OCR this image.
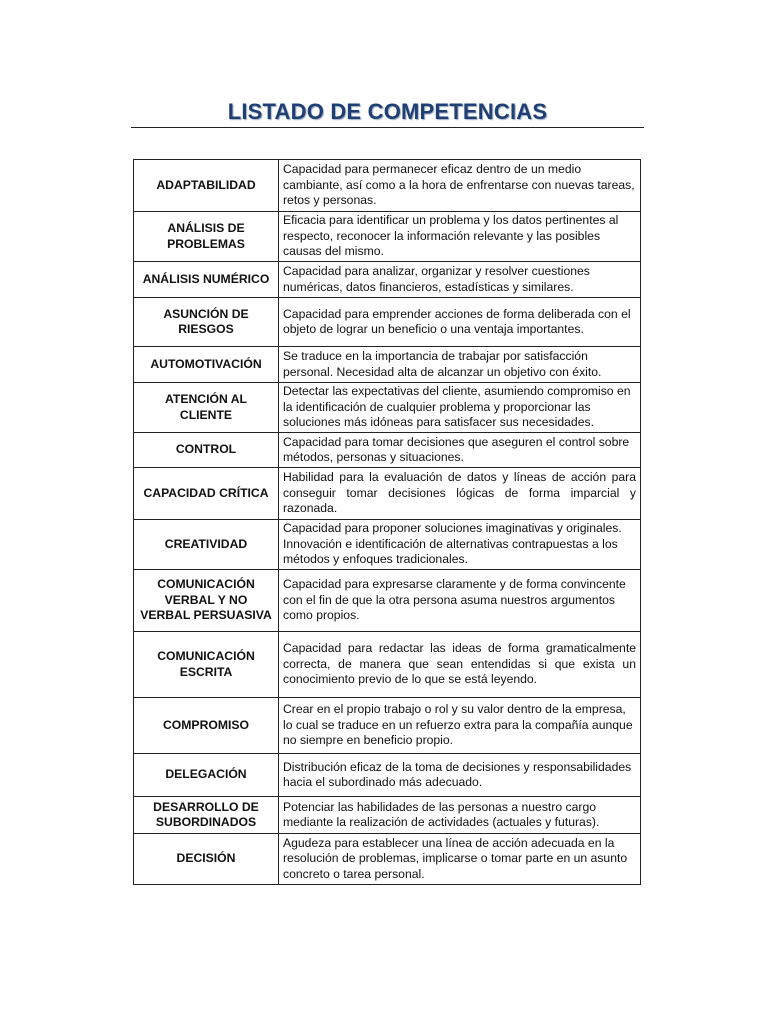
LISTADO DE COMPETENCIAS
ADAPTABILIDAD	Capacidad para permanecer eficaz dentro de un medio cambiante, así como a la hora de enfrentarse con nuevas tareas, retos y personas.
ANÁLISIS DE PROBLEMAS	Eficacia para identificar un problema y los datos pertinentes al respecto, reconocer la información relevante y las posibles causas del mismo.
ANÁLISIS NUMÉRICO	Capacidad para analizar, organizar y resolver cuestiones numéricas, datos financieros, estadísticas y similares.
ASUNCIÓN DE RIESGOS	Capacidad para emprender acciones de forma deliberada con el objeto de lograr un beneficio o una ventaja importantes.
AUTOMOTIVACIÓN	Se traduce en la importancia de trabajar por satisfacción personal. Necesidad alta de alcanzar un objetivo con éxito.
ATENCIÓN AL CLIENTE	Detectar las expectativas del cliente, asumiendo compromiso en la identificación de cualquier problema y proporcionar las soluciones más idóneas para satisfacer sus necesidades.
CONTROL	Capacidad para tomar decisiones que aseguren el control sobre métodos, personas y situaciones.
CAPACIDAD CRÍTICA	Habilidad para la evaluación de datos y líneas de acción para conseguir tomar decisiones lógicas de forma imparcial y razonada.
CREATIVIDAD	Capacidad para proponer soluciones imaginativas y originales. Innovación e identificación de alternativas contrapuestas a los métodos y enfoques tradicionales.
COMUNICACIÓN VERBAL Y NO VERBAL PERSUASIVA	Capacidad para expresarse claramente y de forma convincente con el fin de que la otra persona asuma nuestros argumentos como propios.
COMUNICACIÓN ESCRITA	Capacidad para redactar las ideas de forma gramaticalmente correcta, de manera que sean entendidas si que exista un conocimiento previo de lo que se está leyendo.
COMPROMISO	Crear en el propio trabajo o rol y su valor dentro de la empresa, lo cual se traduce en un refuerzo extra para la compañía aunque no siempre en beneficio propio.
DELEGACIÓN	Distribución eficaz de la toma de decisiones y responsabilidades hacia el subordinado más adecuado.
DESARROLLO DE SUBORDINADOS	Potenciar las habilidades de las personas a nuestro cargo mediante la realización de actividades (actuales y futuras).
DECISIÓN	Agudeza para establecer una línea de acción adecuada en la resolución de problemas, implicarse o tomar parte en un asunto concreto o tarea personal.
